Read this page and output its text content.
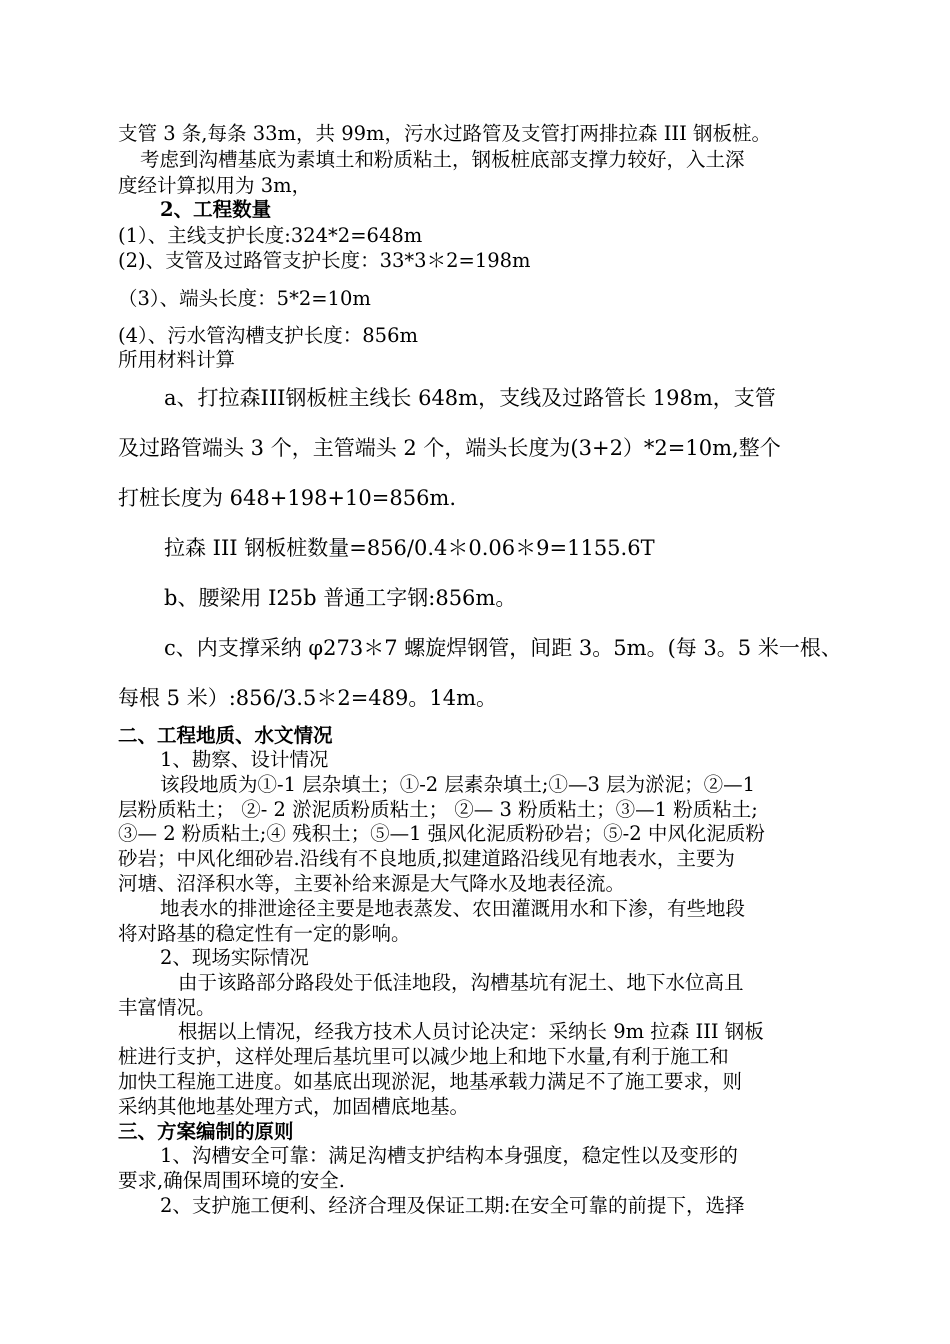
支管 3 条,每条 33m，共 99m，污水过路管及支管打两排拉森 III 钢板桩。
考虑到沟槽基底为素填土和粉质粘土，钢板桩底部支撑力较好，入土深
度经计算拟用为 3m，
2、工程数量
(1）、主线支护长度:324*2=648m
(2)、支管及过路管支护长度：33*3＊2=198m
（3）、端头长度：5*2=10m
(4）、污水管沟槽支护长度：856m
所用材料计算
a、打拉森III钢板桩主线长 648m，支线及过路管长 198m，支管
及过路管端头 3 个，主管端头 2 个，端头长度为(3+2）*2=10m,整个
打桩长度为 648+198+10=856m.
拉森 III 钢板桩数量=856/0.4＊0.06＊9=1155.6T
b、腰梁用 I25b 普通工字钢:856m。
c、内支撑采纳 φ273＊7 螺旋焊钢管，间距 3。5m。(每 3。5 米一根、
每根 5 米）:856/3.5＊2=489。14m。
二、工程地质、水文情况
1、勘察、设计情况
该段地质为①-1 层杂填土；①-2 层素杂填土;①—3 层为淤泥；②—1
层粉质粘土； ②- 2 淤泥质粉质粘土； ②— 3 粉质粘土；③—1 粉质粘土;
③— 2 粉质粘土;④ 残积土；⑤—1 强风化泥质粉砂岩；⑤-2 中风化泥质粉
砂岩；中风化细砂岩.沿线有不良地质,拟建道路沿线见有地表水，主要为
河塘、沼泽积水等，主要补给来源是大气降水及地表径流。
地表水的排泄途径主要是地表蒸发、农田灌溉用水和下渗，有些地段
将对路基的稳定性有一定的影响。
2、现场实际情况
由于该路部分路段处于低洼地段，沟槽基坑有泥土、地下水位高且
丰富情况。
根据以上情况，经我方技术人员讨论决定：采纳长 9m 拉森 III 钢板
桩进行支护，这样处理后基坑里可以减少地上和地下水量,有利于施工和
加快工程施工进度。如基底出现淤泥，地基承载力满足不了施工要求，则
采纳其他地基处理方式，加固槽底地基。
三、方案编制的原则
1、沟槽安全可靠：满足沟槽支护结构本身强度，稳定性以及变形的
要求,确保周围环境的安全.
2、支护施工便利、经济合理及保证工期:在安全可靠的前提下，选择
